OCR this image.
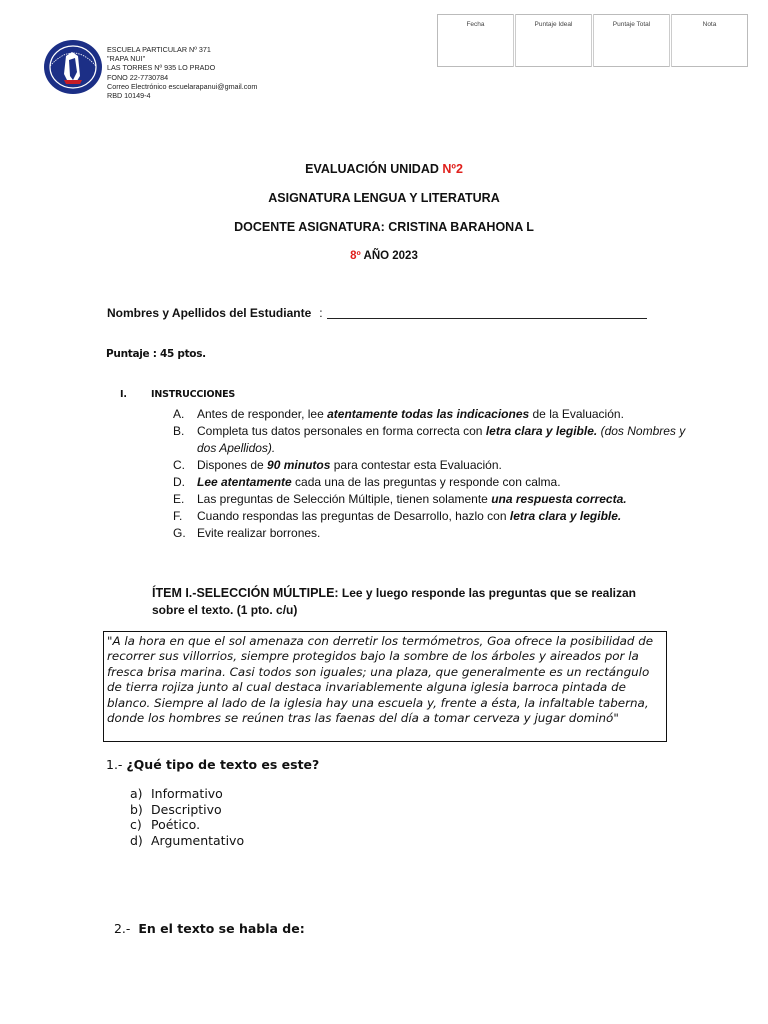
ESCUELA PARTICULAR Nº 371
"RAPA NUI"
LAS TORRES Nº 935 LO PRADO
FONO 22-7730784
Correo Electrónico escuelarapanui@gmail.com
RBD 10149-4
Fecha	Puntaje Ideal	Puntaje Total	Nota
EVALUACIÓN UNIDAD Nº2
ASIGNATURA LENGUA Y LITERATURA
DOCENTE ASIGNATURA: CRISTINA BARAHONA L
8º AÑO 2023
Nombres y Apellidos del Estudiante :
Puntaje : 45 ptos.
I.	INSTRUCCIONES
A. Antes de responder, lee atentamente todas las indicaciones de la Evaluación.
B. Completa tus datos personales en forma correcta con letra clara y legible. (dos Nombres y dos Apellidos).
C. Dispones de 90 minutos para contestar esta Evaluación.
D. Lee atentamente cada una de las preguntas y responde con calma.
E. Las preguntas de Selección Múltiple, tienen solamente una respuesta correcta.
F. Cuando respondas las preguntas de Desarrollo, hazlo con letra clara y legible.
G. Evite realizar borrones.
ÍTEM I.-SELECCIÓN MÚLTIPLE: Lee y luego responde las preguntas que se realizan sobre el texto. (1 pto. c/u)
"A la hora en que el sol amenaza con derretir los termómetros, Goa ofrece la posibilidad de recorrer sus villorrios, siempre protegidos bajo la sombre de los árboles y aireados por la fresca brisa marina. Casi todos son iguales; una plaza, que generalmente es un rectángulo de tierra rojiza junto al cual destaca invariablemente alguna iglesia barroca pintada de blanco. Siempre al lado de la iglesia hay una escuela y, frente a ésta, la infaltable taberna, donde los hombres se reúnen tras las faenas del día a tomar cerveza y jugar dominó"
1.- ¿Qué tipo de texto es este?
a) Informativo
b) Descriptivo
c) Poético.
d) Argumentativo

2.-  En el texto se habla de:
